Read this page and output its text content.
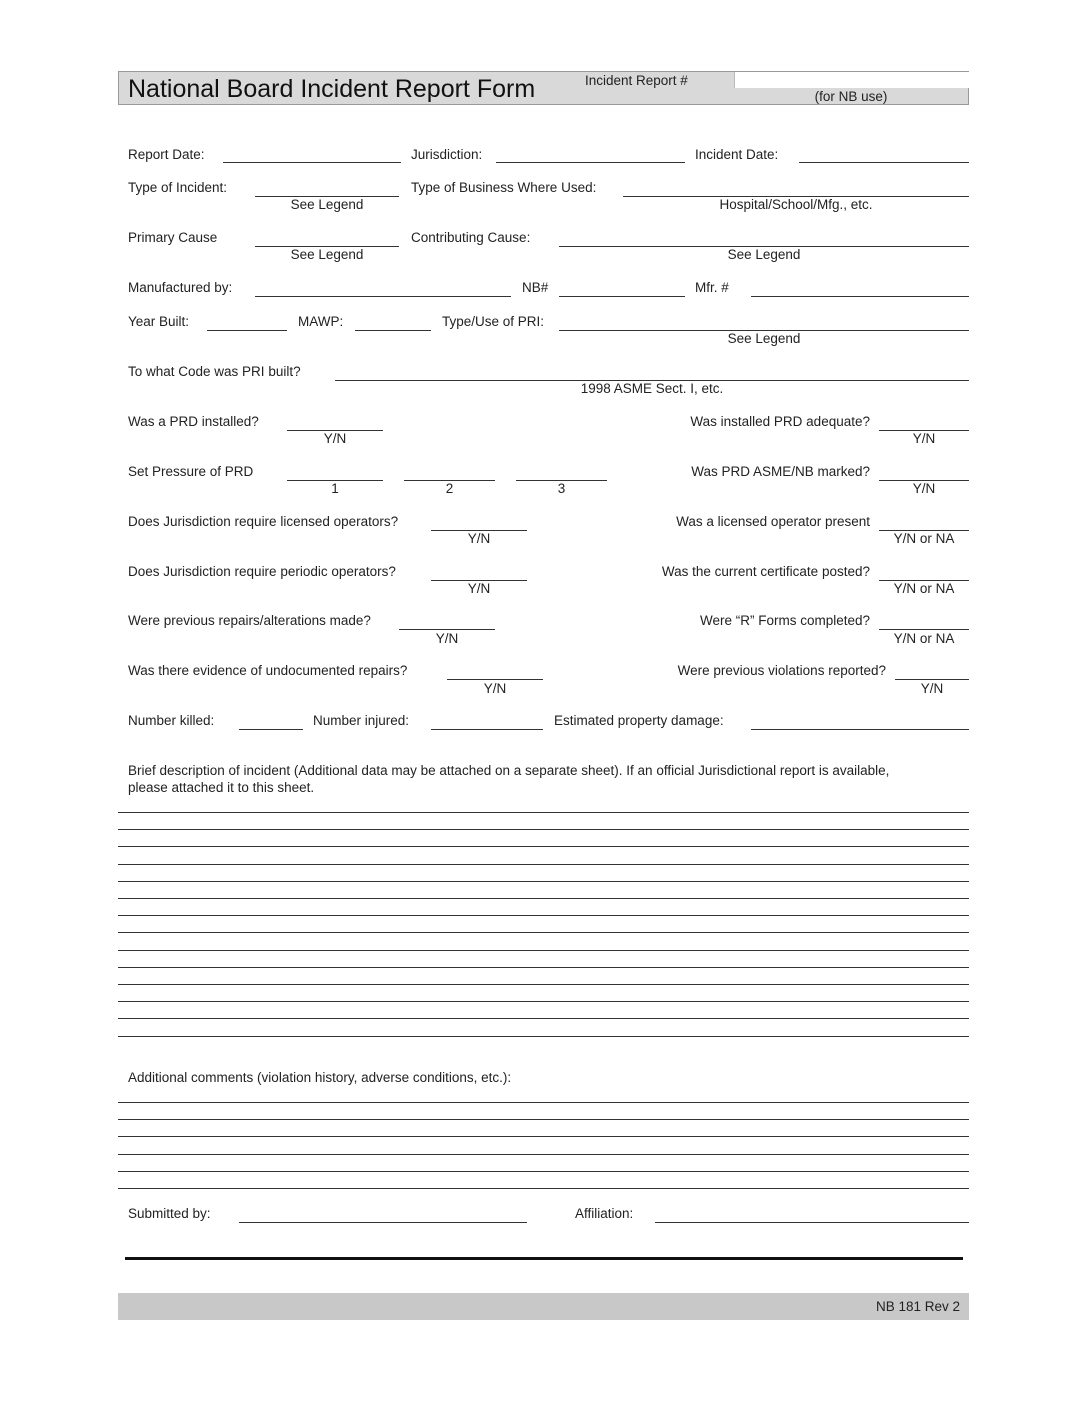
National Board Incident Report Form	Incident Report #
(for NB use)
Report Date:	Jurisdiction:	Incident Date:
Type of Incident:
See Legend
Type of Business Where Used:
Hospital/School/Mfg., etc.
Primary Cause
See Legend
Contributing Cause:
See Legend
Manufactured by:	NB#	Mfr. #
Year Built:	MAWP:	Type/Use of PRI:
See Legend
To what Code was PRI built?
1998 ASME Sect. I, etc.
Was a PRD installed?
Y/N
Was installed PRD adequate?
Y/N
Set Pressure of PRD
1	2	3
Was PRD ASME/NB marked?
Y/N
Does Jurisdiction require licensed operators?
Y/N
Was a licensed operator present
Y/N or NA
Does Jurisdiction require periodic operators?
Y/N
Was the current certificate posted?
Y/N or NA
Were previous repairs/alterations made?
Y/N
Were “R” Forms completed?
Y/N or NA
Was there evidence of undocumented repairs?
Y/N
Were previous violations reported?
Y/N
Number killed:	Number injured:	Estimated property damage:
Brief description of incident (Additional data may be attached on a separate sheet). If an official Jurisdictional report is available,
please attached it to this sheet.
Additional comments (violation history, adverse conditions, etc.):
Submitted by:	Affiliation:
NB 181 Rev 2
